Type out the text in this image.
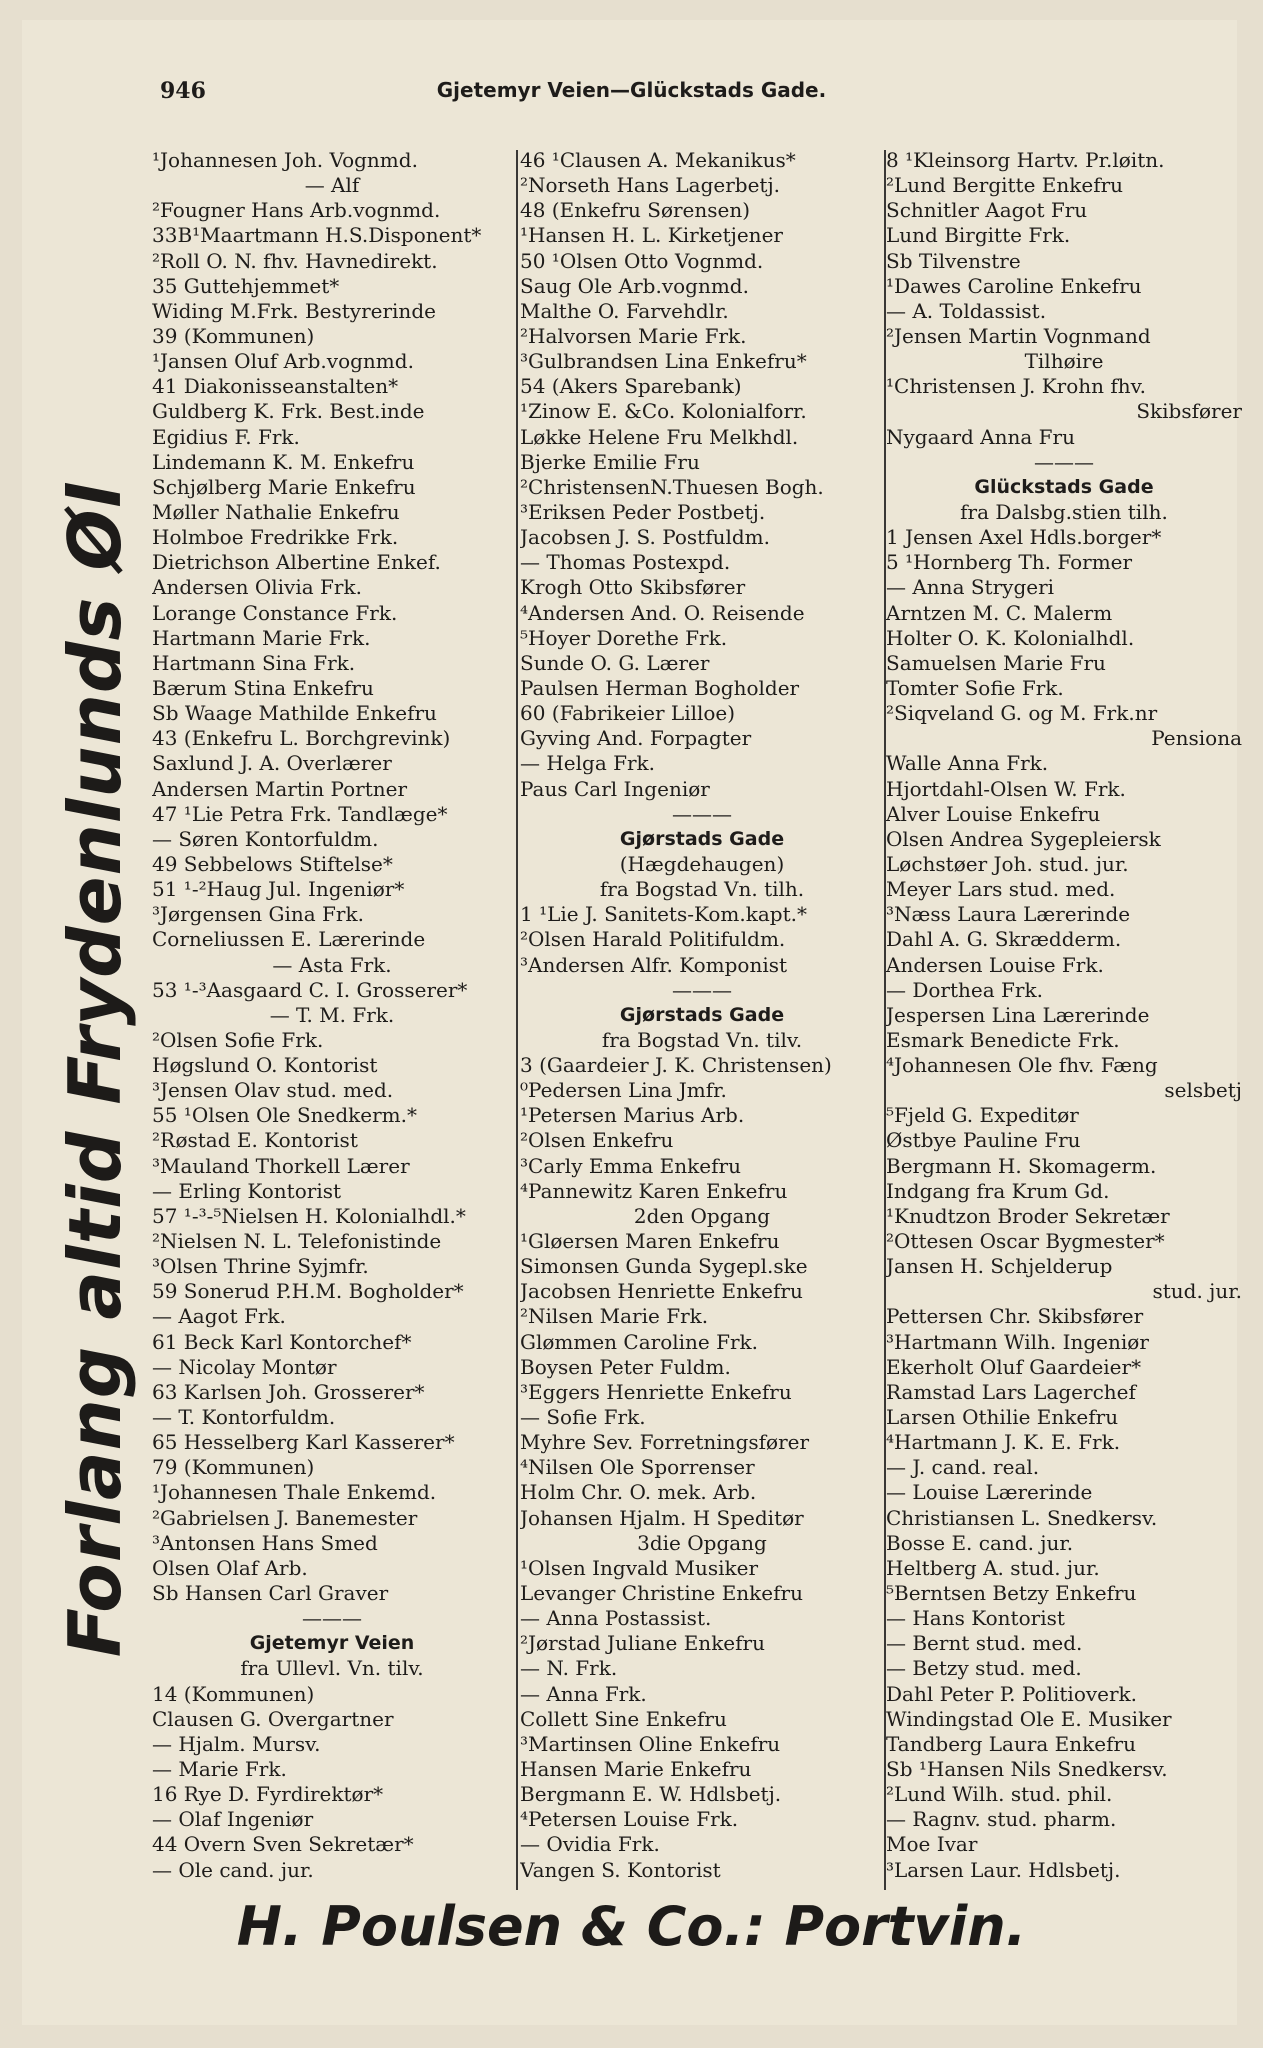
946	Gjetemyr Veien—Glückstads Gade.
Forlang altid Frydenlunds Øl
¹Johannesen Joh. Vognmd.
— Alf
²Fougner Hans Arb.vognmd.
33B¹Maartmann H.S.Disponent*
²Roll O. N. fhv. Havnedirekt.
35 Guttehjemmet*
Widing M.Frk. Bestyrerinde
39 (Kommunen)
¹Jansen Oluf Arb.vognmd.
41 Diakonisseanstalten*
Guldberg K. Frk. Best.inde
Egidius F. Frk.
Lindemann K. M. Enkefru
Schjølberg Marie Enkefru
Møller Nathalie Enkefru
Holmboe Fredrikke Frk.
Dietrichson Albertine Enkef.
Andersen Olivia Frk.
Lorange Constance Frk.
Hartmann Marie Frk.
Hartmann Sina Frk.
Bærum Stina Enkefru
Sb Waage Mathilde Enkefru
43 (Enkefru L. Borchgrevink)
Saxlund J. A. Overlærer
Andersen Martin Portner
47 ¹Lie Petra Frk. Tandlæge*
— Søren Kontorfuldm.
49 Sebbelows Stiftelse*
51 ¹-²Haug Jul. Ingeniør*
³Jørgensen Gina Frk.
Corneliussen E. Lærerinde
— Asta Frk.
53 ¹-³Aasgaard C. I. Grosserer*
— T. M. Frk.
²Olsen Sofie Frk.
Høgslund O. Kontorist
³Jensen Olav stud. med.
55 ¹Olsen Ole Snedkerm.*
²Røstad E. Kontorist
³Mauland Thorkell Lærer
— Erling Kontorist
57 ¹-³-⁵Nielsen H. Kolonialhdl.*
²Nielsen N. L. Telefonistinde
³Olsen Thrine Syjmfr.
59 Sonerud P.H.M. Bogholder*
— Aagot Frk.
61 Beck Karl Kontorchef*
— Nicolay Montør
63 Karlsen Joh. Grosserer*
— T. Kontorfuldm.
65 Hesselberg Karl Kasserer*
79 (Kommunen)
¹Johannesen Thale Enkemd.
²Gabrielsen J. Banemester
³Antonsen Hans Smed
Olsen Olaf Arb.
Sb Hansen Carl Graver
———
Gjetemyr Veien
fra Ullevl. Vn. tilv.
14 (Kommunen)
Clausen G. Overgartner
— Hjalm. Mursv.
— Marie Frk.
16 Rye D. Fyrdirektør*
— Olaf Ingeniør
44 Overn Sven Sekretær*
— Ole cand. jur.
46 ¹Clausen A. Mekanikus*
²Norseth Hans Lagerbetj.
48 (Enkefru Sørensen)
¹Hansen H. L. Kirketjener
50 ¹Olsen Otto Vognmd.
Saug Ole Arb.vognmd.
Malthe O. Farvehdlr.
²Halvorsen Marie Frk.
³Gulbrandsen Lina Enkefru*
54 (Akers Sparebank)
¹Zinow E. &Co. Kolonialforr.
Løkke Helene Fru Melkhdl.
Bjerke Emilie Fru
²ChristensenN.Thuesen Bogh.
³Eriksen Peder Postbetj.
Jacobsen J. S. Postfuldm.
— Thomas Postexpd.
Krogh Otto Skibsfører
⁴Andersen And. O. Reisende
⁵Hoyer Dorethe Frk.
Sunde O. G. Lærer
Paulsen Herman Bogholder
60 (Fabrikeier Lilloe)
Gyving And. Forpagter
— Helga Frk.
Paus Carl Ingeniør
———
Gjørstads Gade
(Hægdehaugen)
fra Bogstad Vn. tilh.
1 ¹Lie J. Sanitets-Kom.kapt.*
²Olsen Harald Politifuldm.
³Andersen Alfr. Komponist
———
Gjørstads Gade
fra Bogstad Vn. tilv.
3 (Gaardeier J. K. Christensen)
⁰Pedersen Lina Jmfr.
¹Petersen Marius Arb.
²Olsen Enkefru
³Carly Emma Enkefru
⁴Pannewitz Karen Enkefru
2den Opgang
¹Gløersen Maren Enkefru
Simonsen Gunda Sygepl.ske
Jacobsen Henriette Enkefru
²Nilsen Marie Frk.
Glømmen Caroline Frk.
Boysen Peter Fuldm.
³Eggers Henriette Enkefru
— Sofie Frk.
Myhre Sev. Forretningsfører
⁴Nilsen Ole Sporrenser
Holm Chr. O. mek. Arb.
Johansen Hjalm. H Speditør
3die Opgang
¹Olsen Ingvald Musiker
Levanger Christine Enkefru
— Anna Postassist.
²Jørstad Juliane Enkefru
— N. Frk.
— Anna Frk.
Collett Sine Enkefru
³Martinsen Oline Enkefru
Hansen Marie Enkefru
Bergmann E. W. Hdlsbetj.
⁴Petersen Louise Frk.
— Ovidia Frk.
Vangen S. Kontorist
8 ¹Kleinsorg Hartv. Pr.løitn.
²Lund Bergitte Enkefru
Schnitler Aagot Fru
Lund Birgitte Frk.
Sb Tilvenstre
¹Dawes Caroline Enkefru
— A. Toldassist.
²Jensen Martin Vognmand
Tilhøire
¹Christensen J. Krohn fhv.
Skibsfører
Nygaard Anna Fru
———
Glückstads Gade
fra Dalsbg.stien tilh.
1 Jensen Axel Hdls.borger*
5 ¹Hornberg Th. Former
— Anna Strygeri
Arntzen M. C. Malerm
Holter O. K. Kolonialhdl.
Samuelsen Marie Fru
Tomter Sofie Frk.
²Siqveland G. og M. Frk.nr
Pensiona
Walle Anna Frk.
Hjortdahl-Olsen W. Frk.
Alver Louise Enkefru
Olsen Andrea Sygepleiersk
Løchstøer Joh. stud. jur.
Meyer Lars stud. med.
³Næss Laura Lærerinde
Dahl A. G. Skrædderm.
Andersen Louise Frk.
— Dorthea Frk.
Jespersen Lina Lærerinde
Esmark Benedicte Frk.
⁴Johannesen Ole fhv. Fæng
selsbetj
⁵Fjeld G. Expeditør
Østbye Pauline Fru
Bergmann H. Skomagerm.
Indgang fra Krum Gd.
¹Knudtzon Broder Sekretær
²Ottesen Oscar Bygmester*
Jansen H. Schjelderup
stud. jur.
Pettersen Chr. Skibsfører
³Hartmann Wilh. Ingeniør
Ekerholt Oluf Gaardeier*
Ramstad Lars Lagerchef
Larsen Othilie Enkefru
⁴Hartmann J. K. E. Frk.
— J. cand. real.
— Louise Lærerinde
Christiansen L. Snedkersv.
Bosse E. cand. jur.
Heltberg A. stud. jur.
⁵Berntsen Betzy Enkefru
— Hans Kontorist
— Bernt stud. med.
— Betzy stud. med.
Dahl Peter P. Politioverk.
Windingstad Ole E. Musiker
Tandberg Laura Enkefru
Sb ¹Hansen Nils Snedkersv.
²Lund Wilh. stud. phil.
— Ragnv. stud. pharm.
Moe Ivar
³Larsen Laur. Hdlsbetj.
H. Poulsen & Co.: Portvin.
